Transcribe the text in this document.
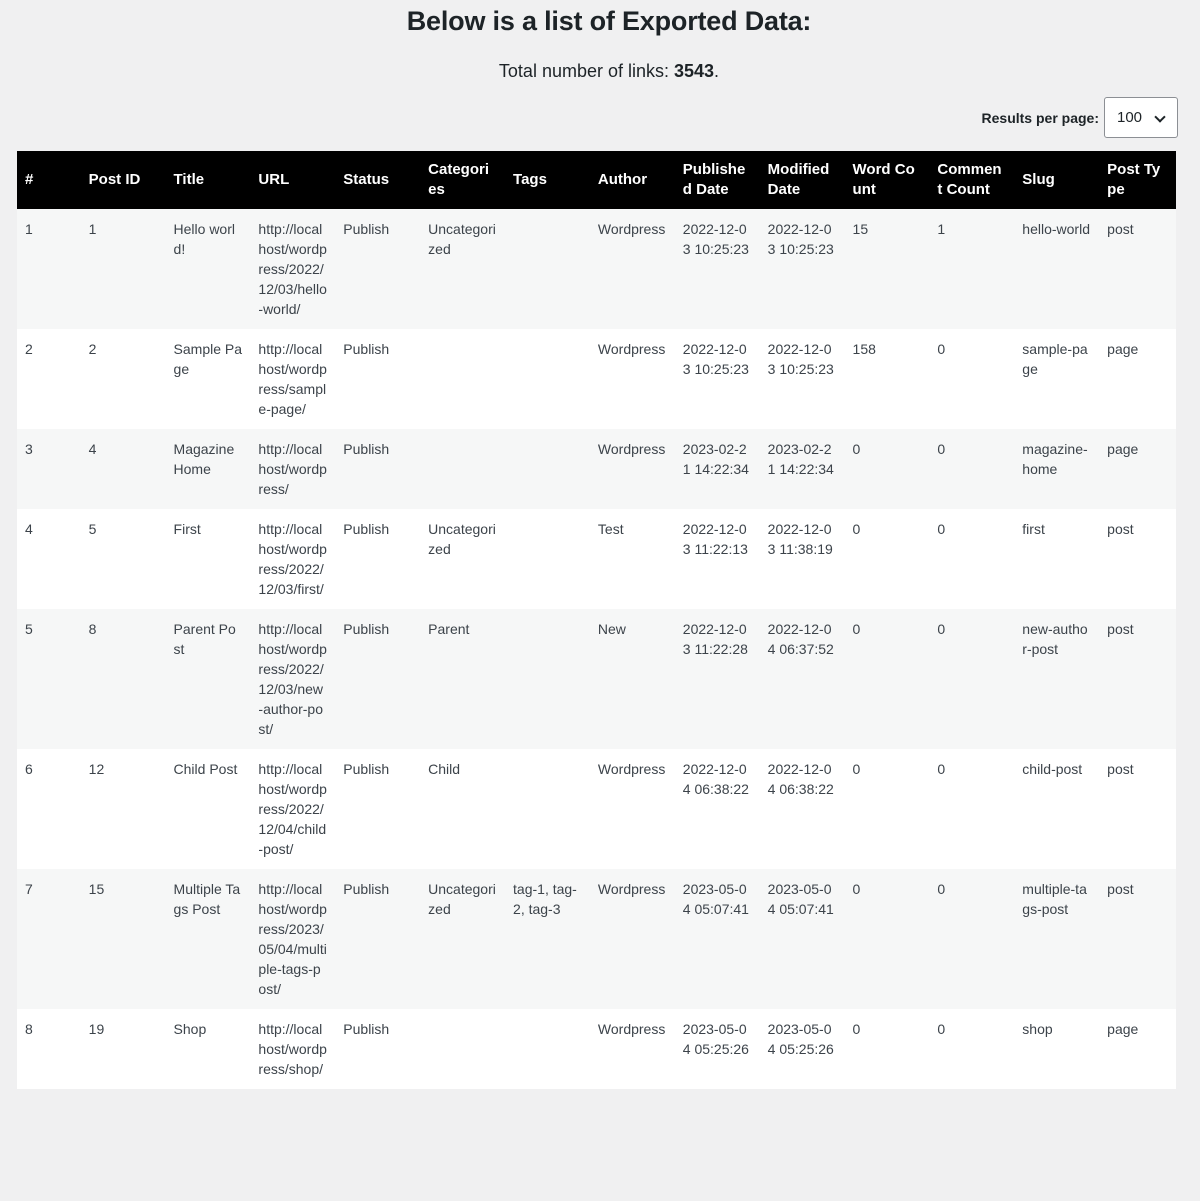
Below is a list of Exported Data:
Total number of links: 3543.
Results per page: 100
#	Post ID	Title	URL	Status	Categories	Tags	Author	Published Date	Modified Date	Word Count	Comment Count	Slug	Post Type
1	1	Hello world!	http://localhost/wordpress/2022/12/03/hello-world/	Publish	Uncategorized		Wordpress	2022-12-03 10:25:23	2022-12-03 10:25:23	15	1	hello-world	post
2	2	Sample Page	http://localhost/wordpress/sample-page/	Publish			Wordpress	2022-12-03 10:25:23	2022-12-03 10:25:23	158	0	sample-page	page
3	4	Magazine Home	http://localhost/wordpress/	Publish			Wordpress	2023-02-21 14:22:34	2023-02-21 14:22:34	0	0	magazine-home	page
4	5	First	http://localhost/wordpress/2022/12/03/first/	Publish	Uncategorized		Test	2022-12-03 11:22:13	2022-12-03 11:38:19	0	0	first	post
5	8	Parent Post	http://localhost/wordpress/2022/12/03/new-author-post/	Publish	Parent		New	2022-12-03 11:22:28	2022-12-04 06:37:52	0	0	new-author-post	post
6	12	Child Post	http://localhost/wordpress/2022/12/04/child-post/	Publish	Child		Wordpress	2022-12-04 06:38:22	2022-12-04 06:38:22	0	0	child-post	post
7	15	Multiple Tags Post	http://localhost/wordpress/2023/05/04/multiple-tags-post/	Publish	Uncategorized	tag-1, tag-2, tag-3	Wordpress	2023-05-04 05:07:41	2023-05-04 05:07:41	0	0	multiple-tags-post	post
8	19	Shop	http://localhost/wordpress/shop/	Publish			Wordpress	2023-05-04 05:25:26	2023-05-04 05:25:26	0	0	shop	page
